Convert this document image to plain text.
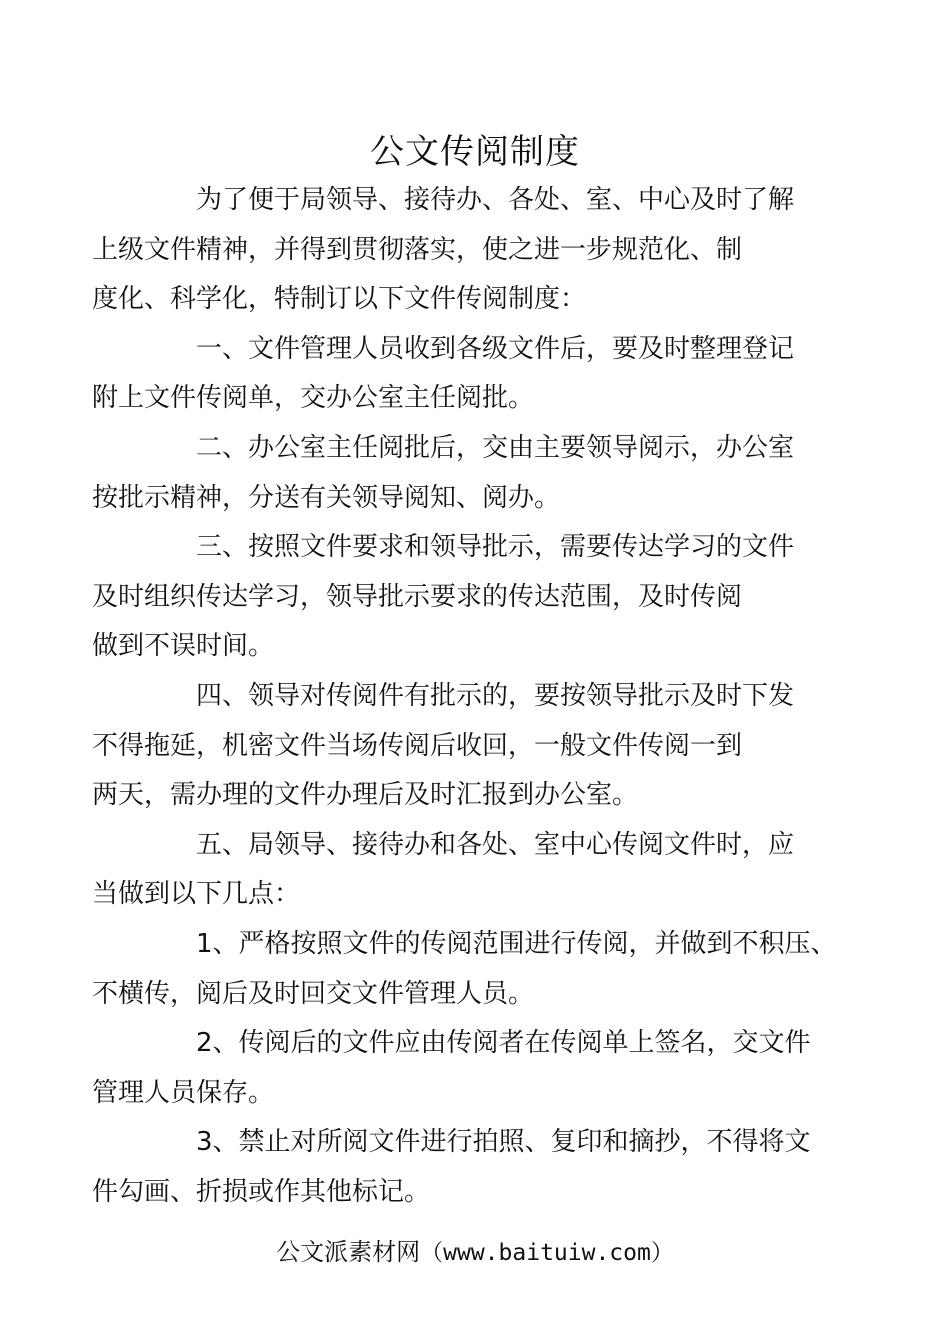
公文传阅制度

为了便于局领导、接待办、各处、室、中心及时了解
上级文件精神，并得到贯彻落实，使之进一步规范化、制
度化、科学化，特制订以下文件传阅制度：

一、文件管理人员收到各级文件后，要及时整理登记
附上文件传阅单，交办公室主任阅批。

二、办公室主任阅批后，交由主要领导阅示，办公室
按批示精神，分送有关领导阅知、阅办。

三、按照文件要求和领导批示，需要传达学习的文件
及时组织传达学习，领导批示要求的传达范围，及时传阅
做到不误时间。

四、领导对传阅件有批示的，要按领导批示及时下发
不得拖延，机密文件当场传阅后收回，一般文件传阅一到
两天，需办理的文件办理后及时汇报到办公室。

五、局领导、接待办和各处、室中心传阅文件时，应
当做到以下几点：

1、严格按照文件的传阅范围进行传阅，并做到不积压、
不横传，阅后及时回交文件管理人员。

2、传阅后的文件应由传阅者在传阅单上签名，交文件
管理人员保存。

3、禁止对所阅文件进行拍照、复印和摘抄，不得将文
件勾画、折损或作其他标记。

公文派素材网（www.baituiw.com）
